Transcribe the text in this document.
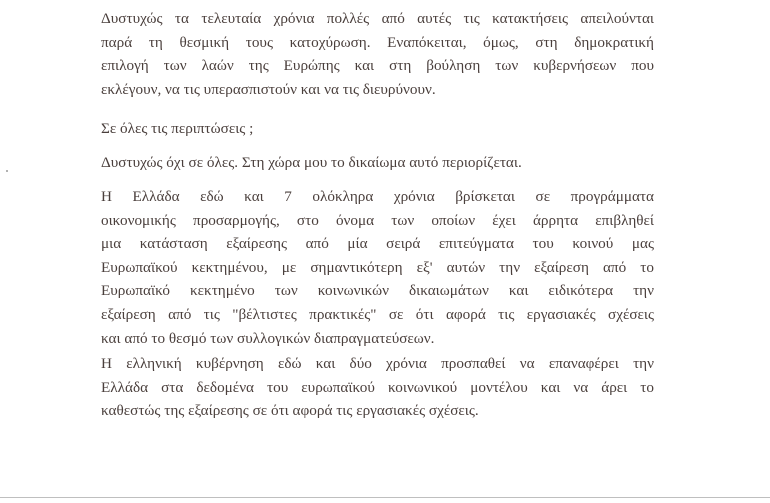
Δυστυχώς τα τελευταία χρόνια πολλές από αυτές τις κατακτήσεις απειλούνται
παρά τη θεσμική τους κατοχύρωση. Εναπόκειται, όμως, στη δημοκρατική
επιλογή των λαών της Ευρώπης και στη βούληση των κυβερνήσεων που
εκλέγουν, να τις υπερασπιστούν και να τις διευρύνουν.

Σε όλες τις περιπτώσεις ;

Δυστυχώς όχι σε όλες. Στη χώρα μου το δικαίωμα αυτό περιορίζεται.

Η Ελλάδα εδώ και 7 ολόκληρα χρόνια βρίσκεται σε προγράμματα
οικονομικής προσαρμογής, στο όνομα των οποίων έχει άρρητα επιβληθεί
μια κατάσταση εξαίρεσης από μία σειρά επιτεύγματα του κοινού μας
Ευρωπαϊκού κεκτημένου, με σημαντικότερη εξ' αυτών την εξαίρεση από το
Ευρωπαϊκό κεκτημένο των κοινωνικών δικαιωμάτων και ειδικότερα την
εξαίρεση από τις "βέλτιστες πρακτικές" σε ότι αφορά τις εργασιακές σχέσεις
και από το θεσμό των συλλογικών διαπραγματεύσεων.

Η ελληνική κυβέρνηση εδώ και δύο χρόνια προσπαθεί να επαναφέρει την
Ελλάδα στα δεδομένα του ευρωπαϊκού κοινωνικού μοντέλου και να άρει το
καθεστώς της εξαίρεσης σε ότι αφορά τις εργασιακές σχέσεις.
